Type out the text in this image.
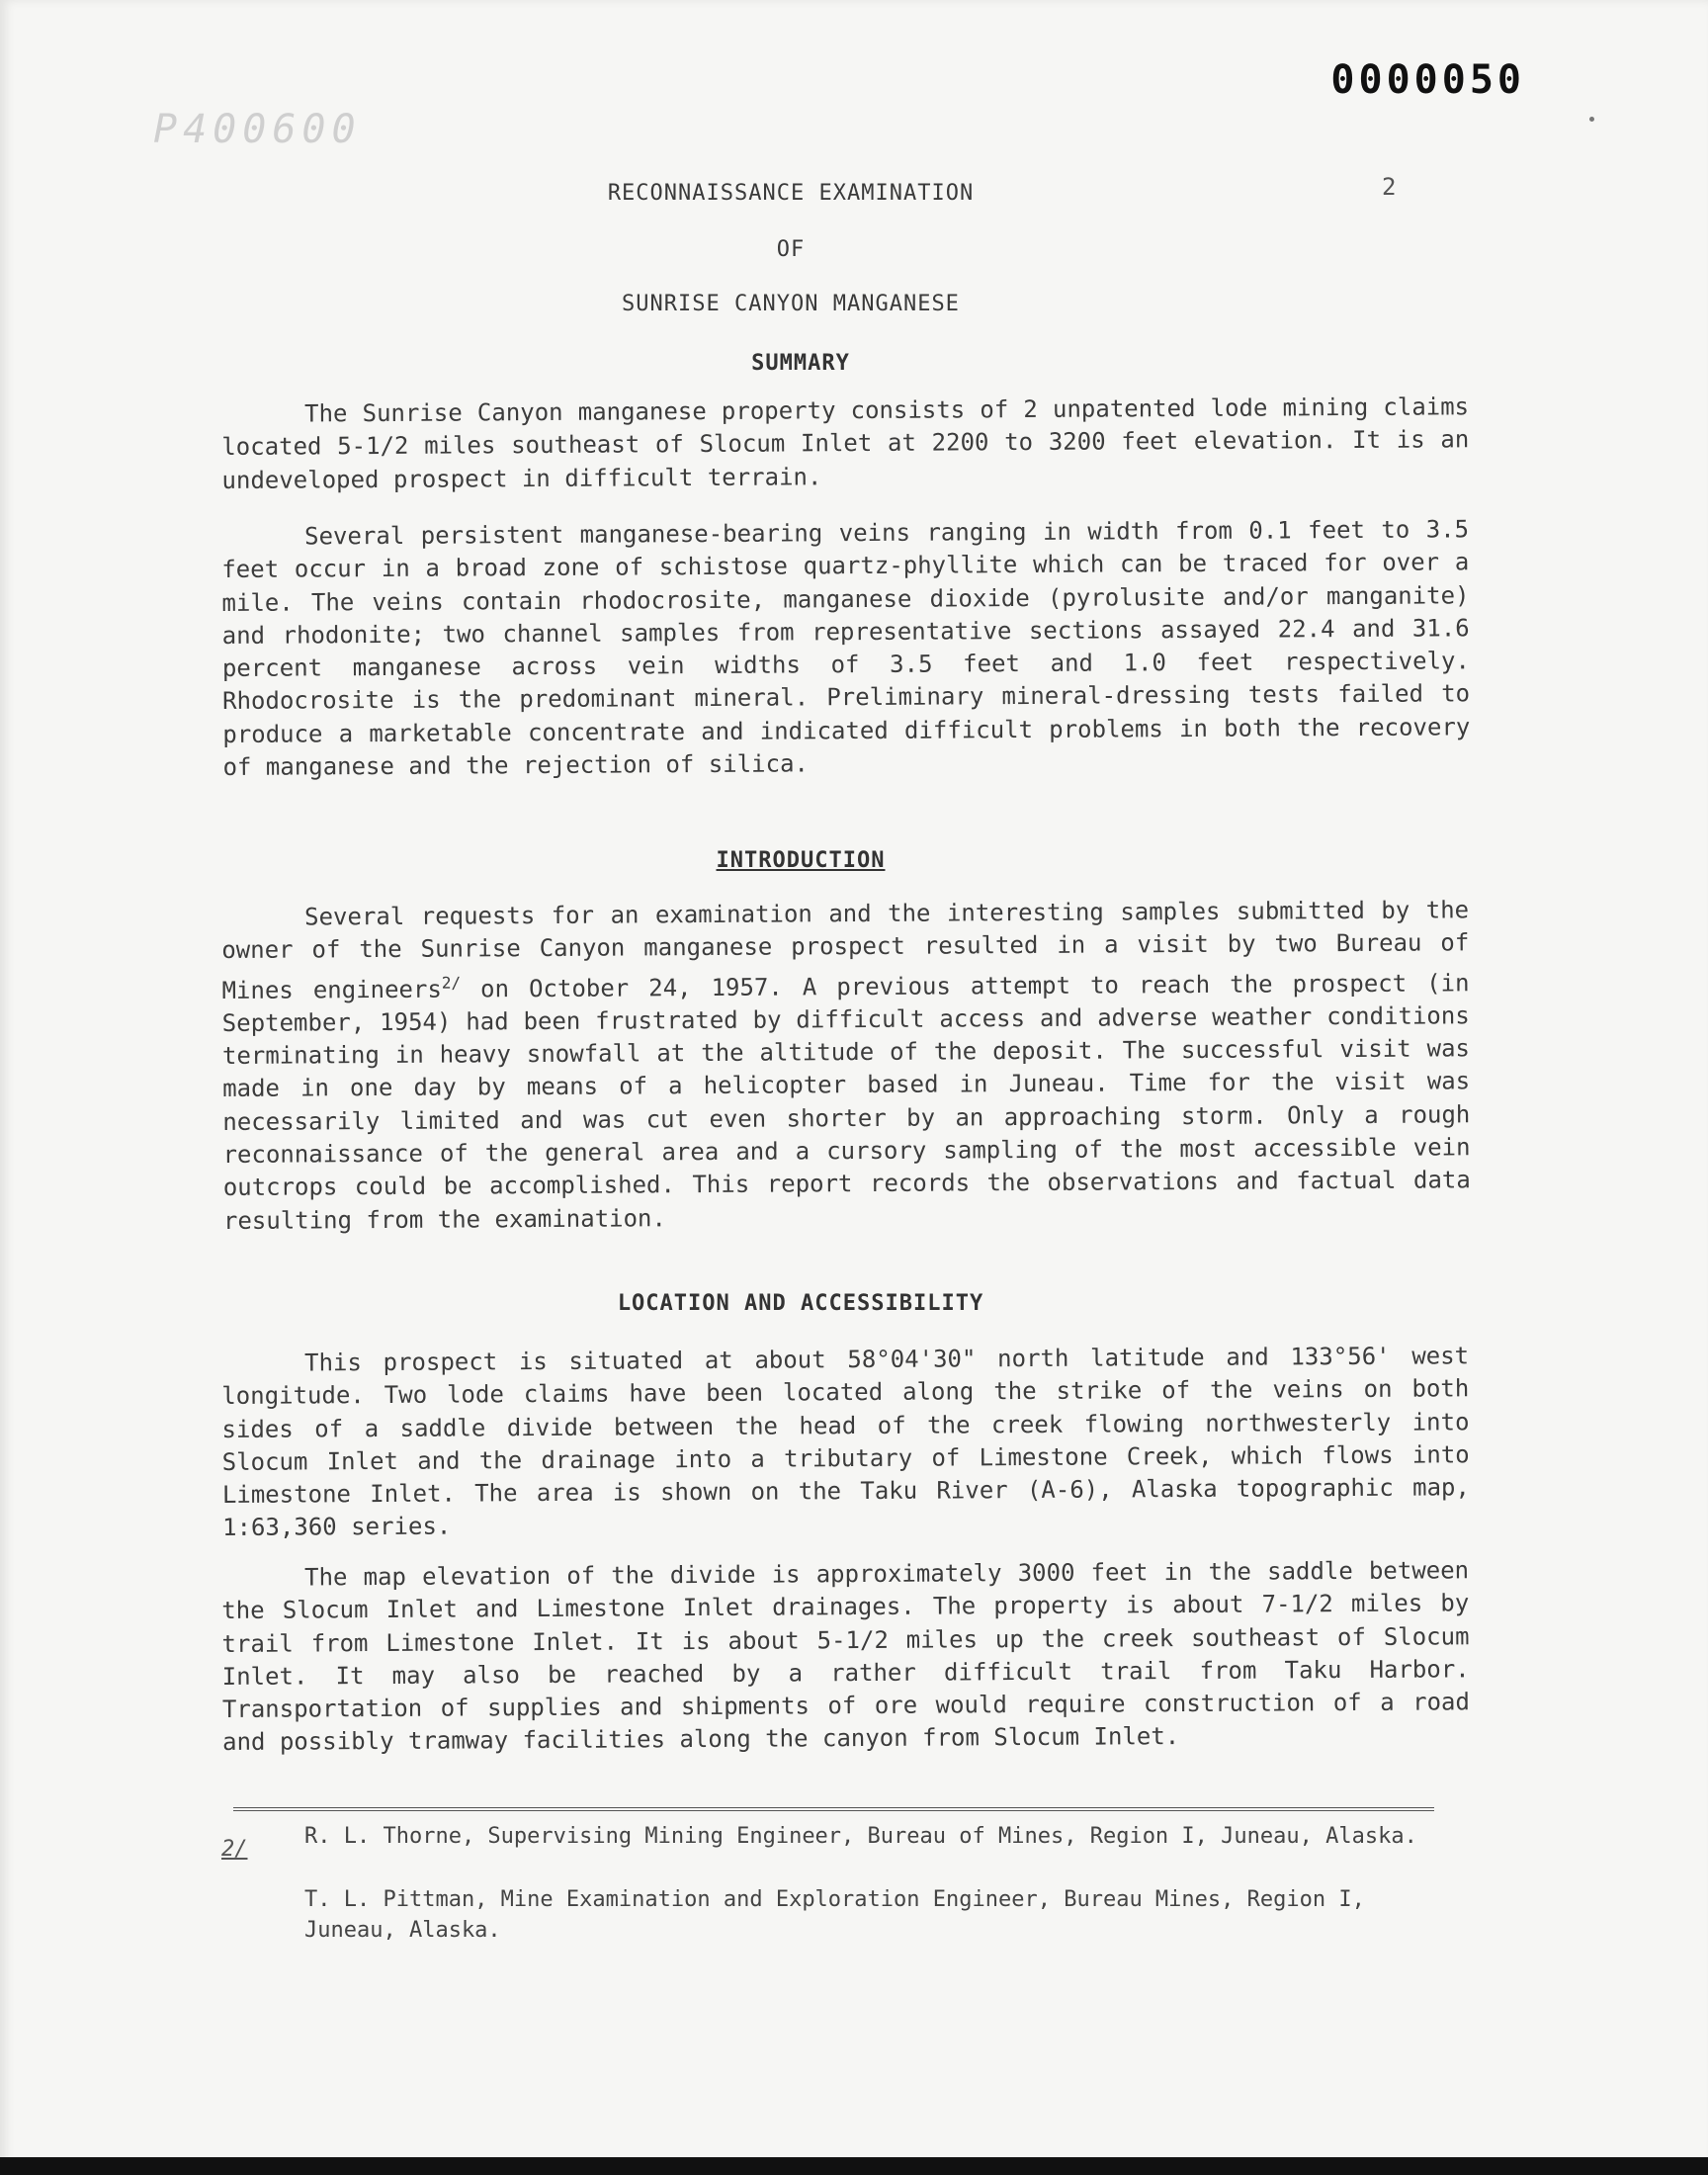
P400600
0000050
2
RECONNAISSANCE EXAMINATION
OF
SUNRISE CANYON MANGANESE
SUMMARY
The Sunrise Canyon manganese property consists of 2 unpatented lode mining claims located 5-1/2 miles southeast of Slocum Inlet at 2200 to 3200 feet elevation. It is an undeveloped prospect in difficult terrain.
Several persistent manganese-bearing veins ranging in width from 0.1 feet to 3.5 feet occur in a broad zone of schistose quartz-phyllite which can be traced for over a mile. The veins contain rhodocrosite, manganese dioxide (pyrolusite and/or manganite) and rhodonite; two channel samples from representative sections assayed 22.4 and 31.6 percent manganese across vein widths of 3.5 feet and 1.0 feet respectively. Rhodocrosite is the predominant mineral. Preliminary mineral-dressing tests failed to produce a marketable concentrate and indicated difficult problems in both the recovery of manganese and the rejection of silica.
INTRODUCTION
Several requests for an examination and the interesting samples submitted by the owner of the Sunrise Canyon manganese prospect resulted in a visit by two Bureau of Mines engineers$^{2/}$ on October 24, 1957. A previous attempt to reach the prospect (in September, 1954) had been frustrated by difficult access and adverse weather conditions terminating in heavy snowfall at the altitude of the deposit. The successful visit was made in one day by means of a helicopter based in Juneau. Time for the visit was necessarily limited and was cut even shorter by an approaching storm. Only a rough reconnaissance of the general area and a cursory sampling of the most accessible vein outcrops could be accomplished. This report records the observations and factual data resulting from the examination.
LOCATION AND ACCESSIBILITY
This prospect is situated at about 58°04'30" north latitude and 133°56' west longitude. Two lode claims have been located along the strike of the veins on both sides of a saddle divide between the head of the creek flowing northwesterly into Slocum Inlet and the drainage into a tributary of Limestone Creek, which flows into Limestone Inlet. The area is shown on the Taku River (A-6), Alaska topographic map, 1:63,360 series.
The map elevation of the divide is approximately 3000 feet in the saddle between the Slocum Inlet and Limestone Inlet drainages. The property is about 7-1/2 miles by trail from Limestone Inlet. It is about 5-1/2 miles up the creek southeast of Slocum Inlet. It may also be reached by a rather difficult trail from Taku Harbor. Transportation of supplies and shipments of ore would require construction of a road and possibly tramway facilities along the canyon from Slocum Inlet.
2/
R. L. Thorne, Supervising Mining Engineer, Bureau of Mines, Region I, Juneau, Alaska.
T. L. Pittman, Mine Examination and Exploration Engineer, Bureau Mines, Region I, Juneau, Alaska.
